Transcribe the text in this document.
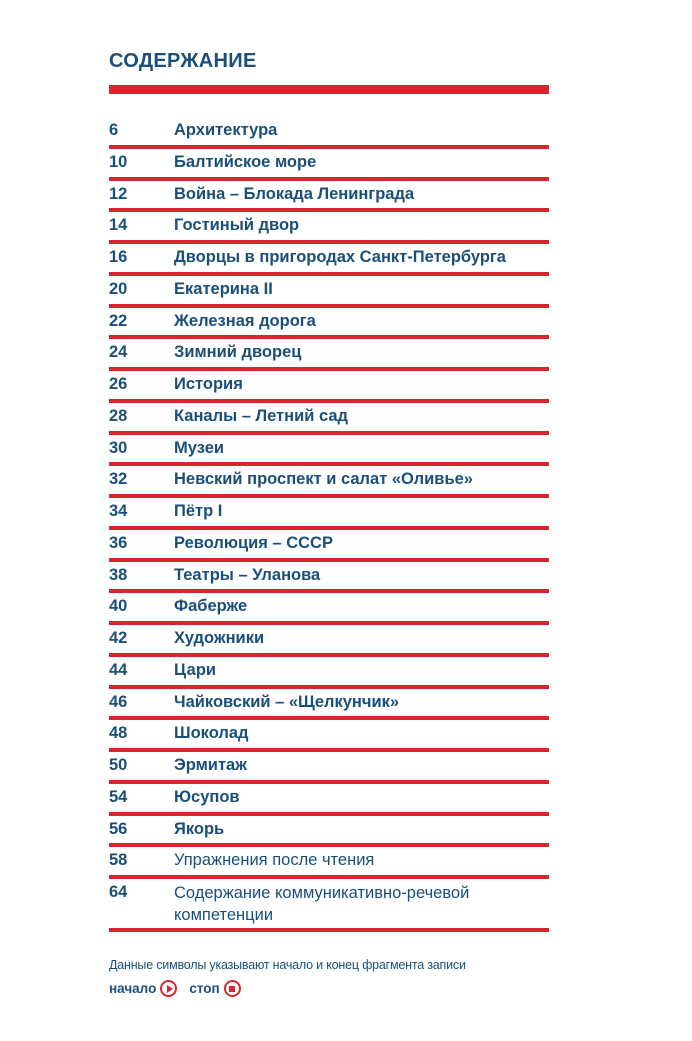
СОДЕРЖАНИЕ
6	Архитектура
10	Балтийское море
12	Война – Блокада Ленинграда
14	Гостиный двор
16	Дворцы в пригородах Санкт-Петербурга
20	Екатерина II
22	Железная дорога
24	Зимний дворец
26	История
28	Каналы – Летний сад
30	Музеи
32	Невский проспект и салат «Оливье»
34	Пётр I
36	Революция – СССР
38	Театры – Уланова
40	Фаберже
42	Художники
44	Цари
46	Чайковский – «Щелкунчик»
48	Шоколад
50	Эрмитаж
54	Юсупов
56	Якорь
58	Упражнения после чтения
64	Содержание коммуникативно-речевой компетенции
Данные символы указывают начало и конец фрагмента записи
начало стоп
